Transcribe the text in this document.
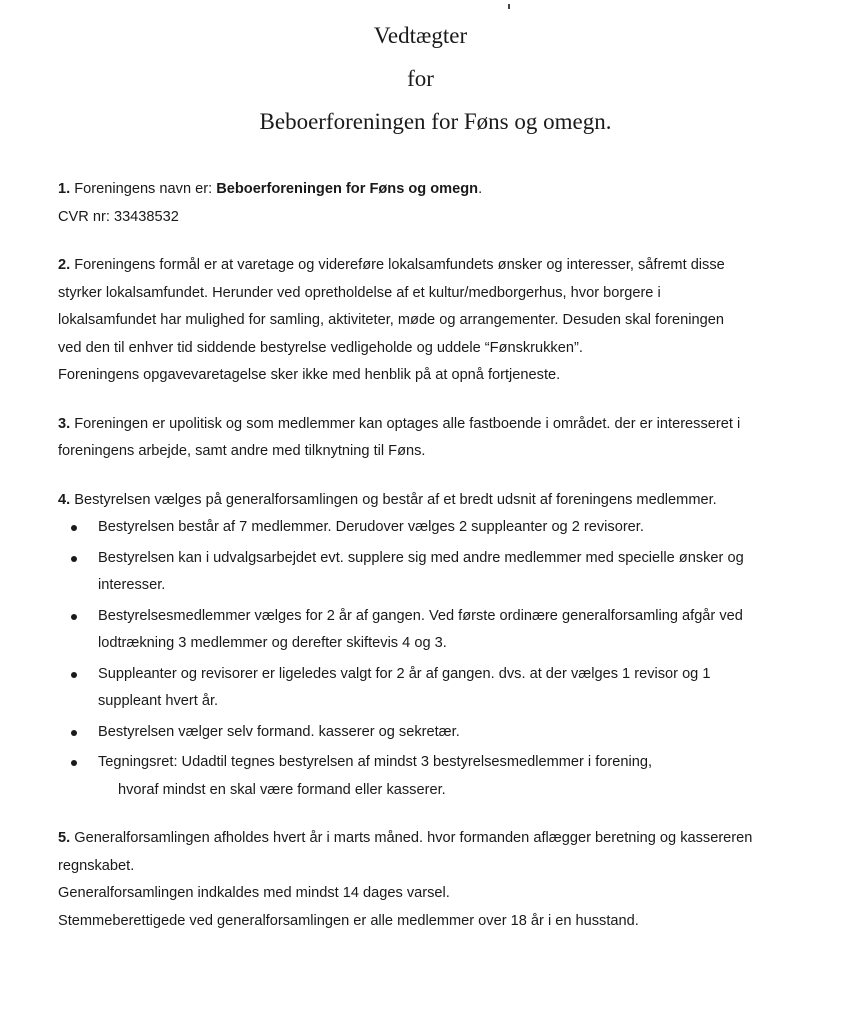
Vedtægter
for
Beboerforeningen for Føns og omegn.
1. Foreningens navn er: Beboerforeningen for Føns og omegn.
CVR nr: 33438532
2. Foreningens formål er at varetage og videreføre lokalsamfundets ønsker og interesser, såfremt disse
styrker lokalsamfundet. Herunder ved opretholdelse af et kultur/medborgerhus, hvor borgere i
lokalsamfundet har mulighed for samling, aktiviteter, møde og arrangementer. Desuden skal foreningen
ved den til enhver tid siddende bestyrelse vedligeholde og uddele “Fønskrukken”.
Foreningens opgavevaretagelse sker ikke med henblik på at opnå fortjeneste.
3. Foreningen er upolitisk og som medlemmer kan optages alle fastboende i området. der er interesseret i
foreningens arbejde, samt andre med tilknytning til Føns.
4. Bestyrelsen vælges på generalforsamlingen og består af et bredt udsnit af foreningens medlemmer.
Bestyrelsen består af 7 medlemmer. Derudover vælges 2 suppleanter og 2 revisorer.
Bestyrelsen kan i udvalgsarbejdet evt. supplere sig med andre medlemmer med specielle ønsker og
interesser.
Bestyrelsesmedlemmer vælges for 2 år af gangen. Ved første ordinære generalforsamling afgår ved
lodtrækning 3 medlemmer og derefter skiftevis 4 og 3.
Suppleanter og revisorer er ligeledes valgt for 2 år af gangen. dvs. at der vælges 1 revisor og 1
suppleant hvert år.
Bestyrelsen vælger selv formand. kasserer og sekretær.
Tegningsret: Udadtil tegnes bestyrelsen af mindst 3 bestyrelsesmedlemmer i forening,
hvoraf mindst en skal være formand eller kasserer.
5. Generalforsamlingen afholdes hvert år i marts måned. hvor formanden aflægger beretning og kassereren
regnskabet.
Generalforsamlingen indkaldes med mindst 14 dages varsel.
Stemmeberettigede ved generalforsamlingen er alle medlemmer over 18 år i en husstand.
